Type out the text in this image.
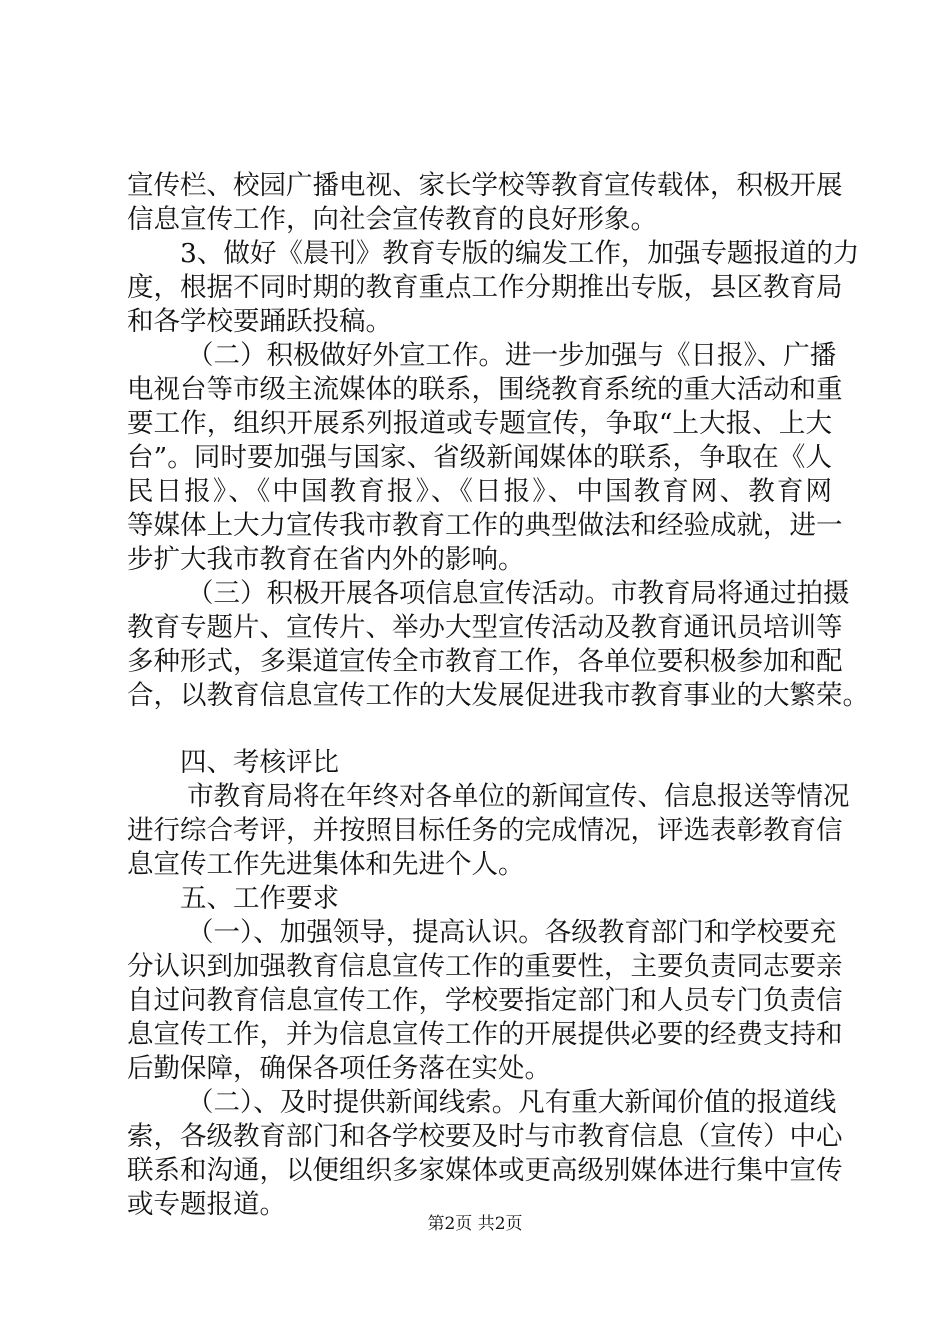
宣传栏、校园广播电视、家长学校等教育宣传载体，积极开展
信息宣传工作，向社会宣传教育的良好形象。
3、做好《晨刊》教育专版的编发工作，加强专题报道的力
度，根据不同时期的教育重点工作分期推出专版，县区教育局
和各学校要踊跃投稿。
（二）积极做好外宣工作。进一步加强与《日报》、广播
电视台等市级主流媒体的联系，围绕教育系统的重大活动和重
要工作，组织开展系列报道或专题宣传，争取“上大报、上大
台”。同时要加强与国家、省级新闻媒体的联系，争取在《人
民日报》、《中国教育报》、《日报》、中国教育网、教育网
等媒体上大力宣传我市教育工作的典型做法和经验成就，进一
步扩大我市教育在省内外的影响。
（三）积极开展各项信息宣传活动。市教育局将通过拍摄
教育专题片、宣传片、举办大型宣传活动及教育通讯员培训等
多种形式，多渠道宣传全市教育工作，各单位要积极参加和配
合，以教育信息宣传工作的大发展促进我市教育事业的大繁荣。
四、考核评比
市教育局将在年终对各单位的新闻宣传、信息报送等情况
进行综合考评，并按照目标任务的完成情况，评选表彰教育信
息宣传工作先进集体和先进个人。
五、工作要求
（一）、加强领导，提高认识。各级教育部门和学校要充
分认识到加强教育信息宣传工作的重要性，主要负责同志要亲
自过问教育信息宣传工作，学校要指定部门和人员专门负责信
息宣传工作，并为信息宣传工作的开展提供必要的经费支持和
后勤保障，确保各项任务落在实处。
（二）、及时提供新闻线索。凡有重大新闻价值的报道线
索，各级教育部门和各学校要及时与市教育信息（宣传）中心
联系和沟通，以便组织多家媒体或更高级别媒体进行集中宣传
或专题报道。
第2页 共2页
